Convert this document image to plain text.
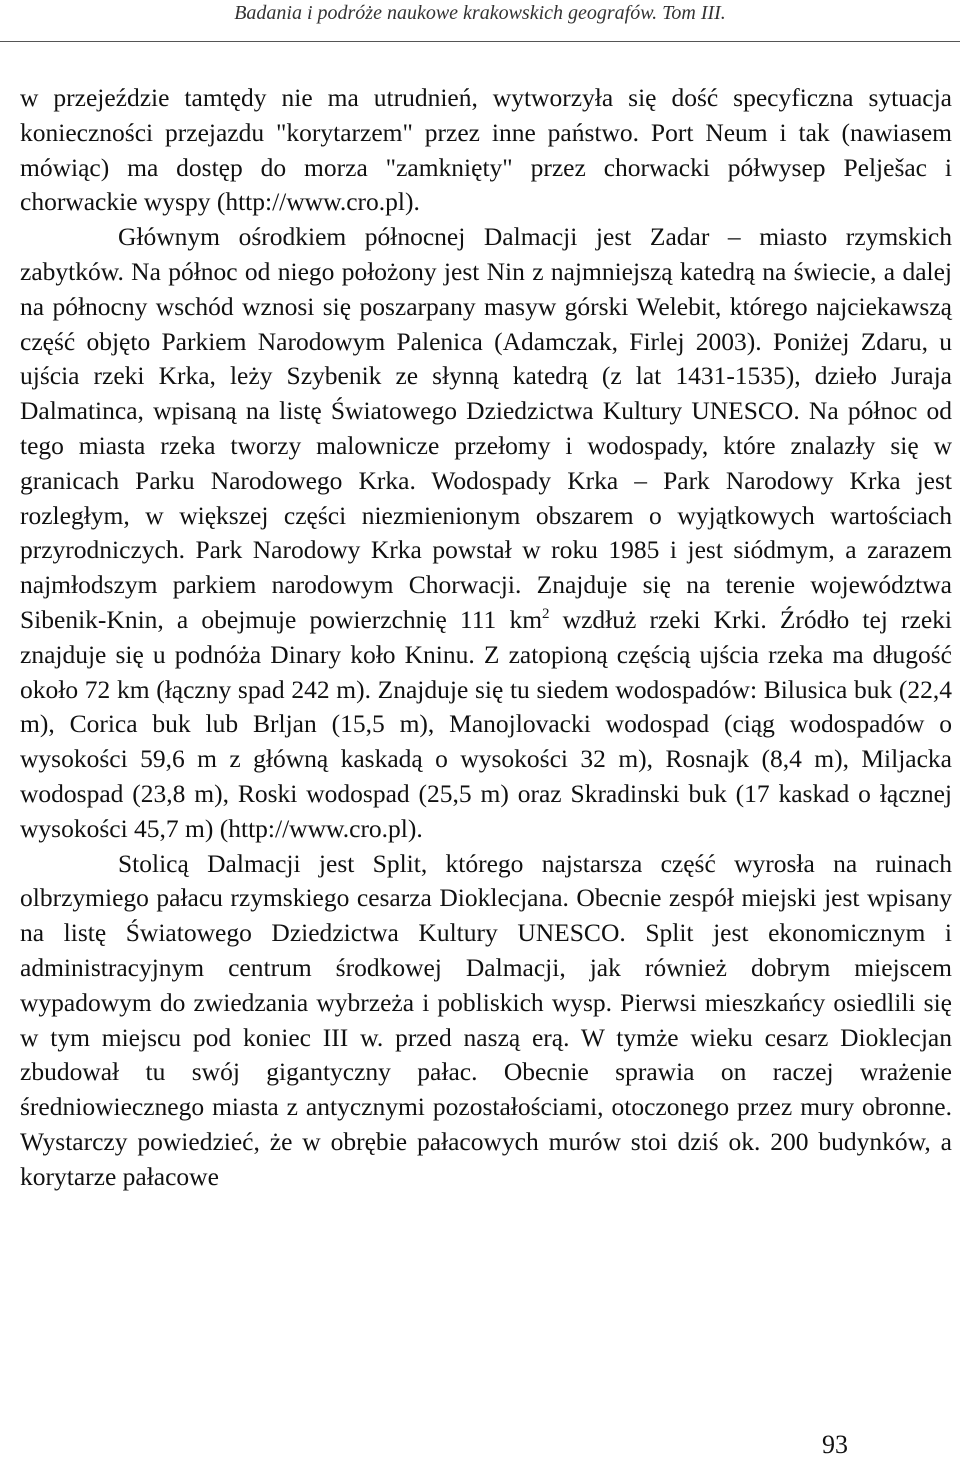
Badania i podróże naukowe krakowskich geografów. Tom III.

w przejeździe tamtędy nie ma utrudnień, wytworzyła się dość specyficzna sytuacja konieczności przejazdu "korytarzem" przez inne państwo. Port Neum i tak (nawiasem mówiąc) ma dostęp do morza "zamknięty" przez chorwacki półwysep Pelješac i chorwackie wyspy (http://www.cro.pl).

Głównym ośrodkiem północnej Dalmacji jest Zadar – miasto rzymskich zabytków. Na północ od niego położony jest Nin z najmniejszą katedrą na świecie, a dalej na północny wschód wznosi się poszarpany masyw górski Welebit, którego najciekawszą część objęto Parkiem Narodowym Palenica (Adamczak, Firlej 2003). Poniżej Zdaru, u ujścia rzeki Krka, leży Szybenik ze słynną katedrą (z lat 1431-1535), dzieło Juraja Dalmatinca, wpisaną na listę Światowego Dziedzictwa Kultury UNESCO. Na północ od tego miasta rzeka tworzy malownicze przełomy i wodospady, które znalazły się w granicach Parku Narodowego Krka. Wodospady Krka – Park Narodowy Krka jest rozległym, w większej części niezmienionym obszarem o wyjątkowych wartościach przyrodniczych. Park Narodowy Krka powstał w roku 1985 i jest siódmym, a zarazem najmłodszym parkiem narodowym Chorwacji. Znajduje się na terenie województwa Sibenik-Knin, a obejmuje powierzchnię 111 $km^2$ wzdłuż rzeki Krki. Źródło tej rzeki znajduje się u podnóża Dinary koło Kninu. Z zatopioną częścią ujścia rzeka ma długość około 72 km (łączny spad 242 m). Znajduje się tu siedem wodospadów: Bilusica buk (22,4 m), Corica buk lub Brljan (15,5 m), Manojlovacki wodospad (ciąg wodospadów o wysokości 59,6 m z główną kaskadą o wysokości 32 m), Rosnajk (8,4 m), Miljacka wodospad (23,8 m), Roski wodospad (25,5 m) oraz Skradinski buk (17 kaskad o łącznej wysokości 45,7 m) (http://www.cro.pl).

Stolicą Dalmacji jest Split, którego najstarsza część wyrosła na ruinach olbrzymiego pałacu rzymskiego cesarza Dioklecjana. Obecnie zespół miejski jest wpisany na listę Światowego Dziedzictwa Kultury UNESCO. Split jest ekonomicznym i administracyjnym centrum środkowej Dalmacji, jak również dobrym miejscem wypadowym do zwiedzania wybrzeża i pobliskich wysp. Pierwsi mieszkańcy osiedlili się w tym miejscu pod koniec III w. przed naszą erą. W tymże wieku cesarz Dioklecjan zbudował tu swój gigantyczny pałac. Obecnie sprawia on raczej wrażenie średniowiecznego miasta z antycznymi pozostałościami, otoczonego przez mury obronne. Wystarczy powiedzieć, że w obrębie pałacowych murów stoi dziś ok. 200 budynków, a korytarze pałacowe

93
